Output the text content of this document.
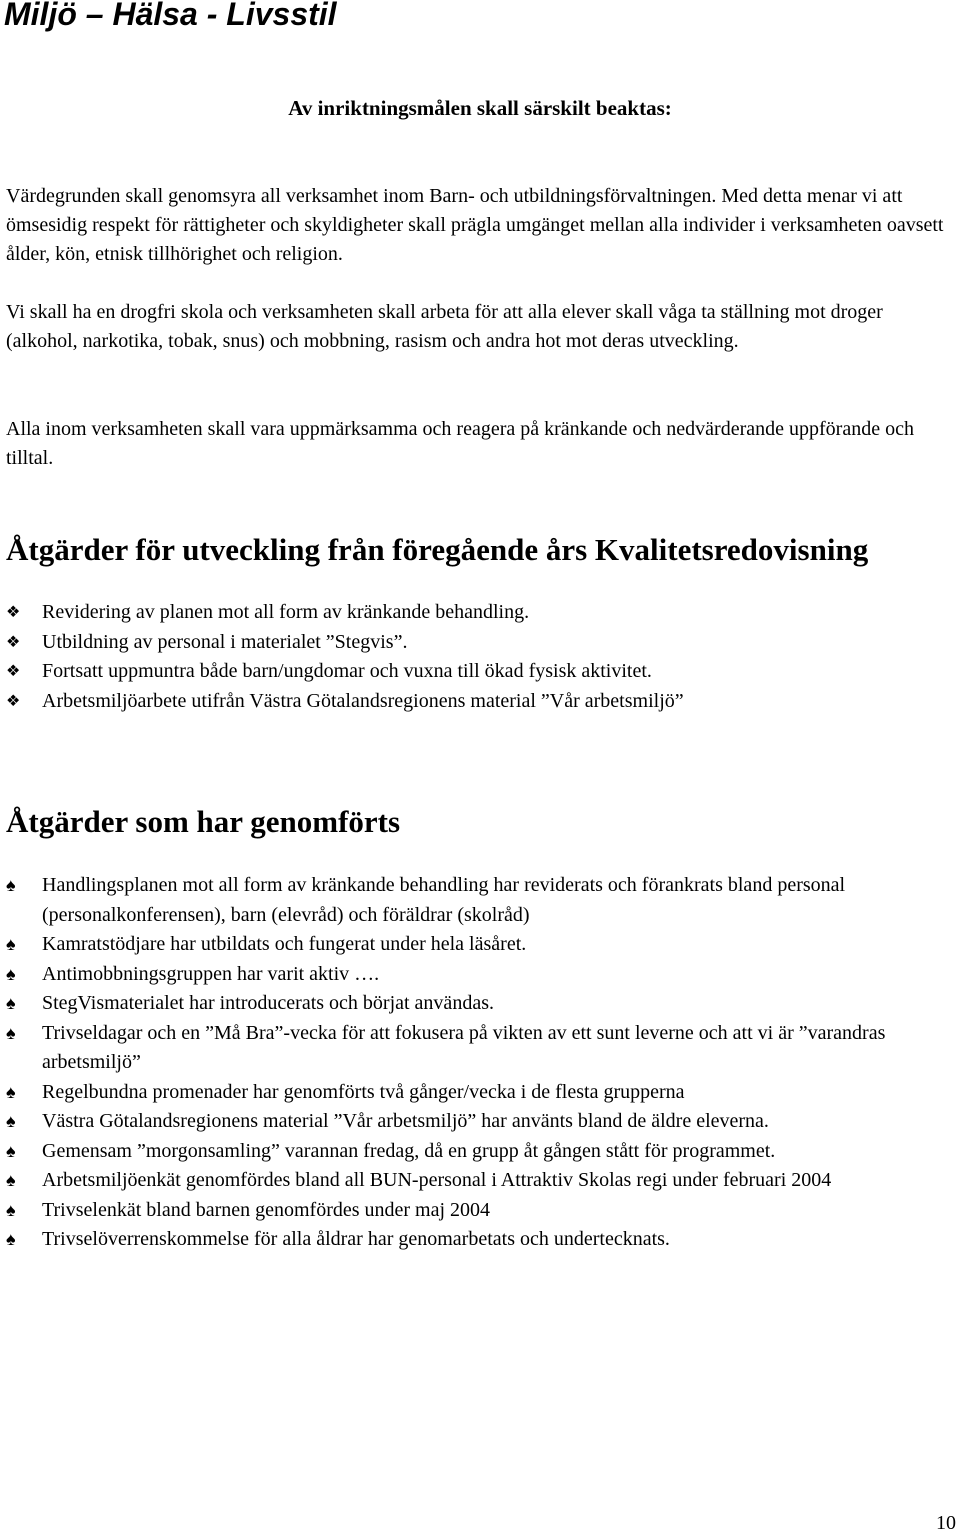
Miljö – Hälsa - Livsstil
Av inriktningsmålen skall särskilt beaktas:

Värdegrunden skall genomsyra all verksamhet inom Barn- och utbildningsförvaltningen. Med detta menar vi att ömsesidig respekt för rättigheter och skyldigheter skall prägla umgänget mellan alla individer i verksamheten oavsett ålder, kön, etnisk tillhörighet och religion.

Vi skall ha en drogfri skola och verksamheten skall arbeta för att alla elever skall våga ta ställning mot droger (alkohol, narkotika, tobak, snus) och mobbning, rasism och andra hot mot deras utveckling.

Alla inom verksamheten skall vara uppmärksamma och reagera på kränkande och nedvärderande uppförande och tilltal.

Åtgärder för utveckling från föregående års Kvalitetsredovisning
❖	Revidering av planen mot all form av kränkande behandling.
❖	Utbildning av personal i materialet ”Stegvis”.
❖	Fortsatt uppmuntra både barn/ungdomar och vuxna till ökad fysisk aktivitet.
❖	Arbetsmiljöarbete utifrån Västra Götalandsregionens material ”Vår arbetsmiljö”
Åtgärder som har genomförts
♠	Handlingsplanen mot all form av kränkande behandling har reviderats och förankrats bland personal (personalkonferensen), barn (elevråd) och föräldrar (skolråd)
♠	Kamratstödjare har utbildats och fungerat under hela läsåret.
♠	Antimobbningsgruppen har varit aktiv ….
♠	StegVismaterialet har introducerats och börjat användas.
♠	Trivseldagar och en ”Må Bra”-vecka för att fokusera på vikten av ett sunt leverne och att vi är ”varandras arbetsmiljö”
♠	Regelbundna promenader har genomförts två gånger/vecka i de flesta grupperna
♠	Västra Götalandsregionens material ”Vår arbetsmiljö” har använts bland de äldre eleverna.
♠	Gemensam ”morgonsamling” varannan fredag, då en grupp åt gången stått för programmet.
♠	Arbetsmiljöenkät genomfördes bland all BUN-personal i Attraktiv Skolas regi under februari 2004
♠	Trivselenkät bland barnen genomfördes under maj 2004
♠	Trivselöverrenskommelse för alla åldrar har genomarbetats och undertecknats.

10
